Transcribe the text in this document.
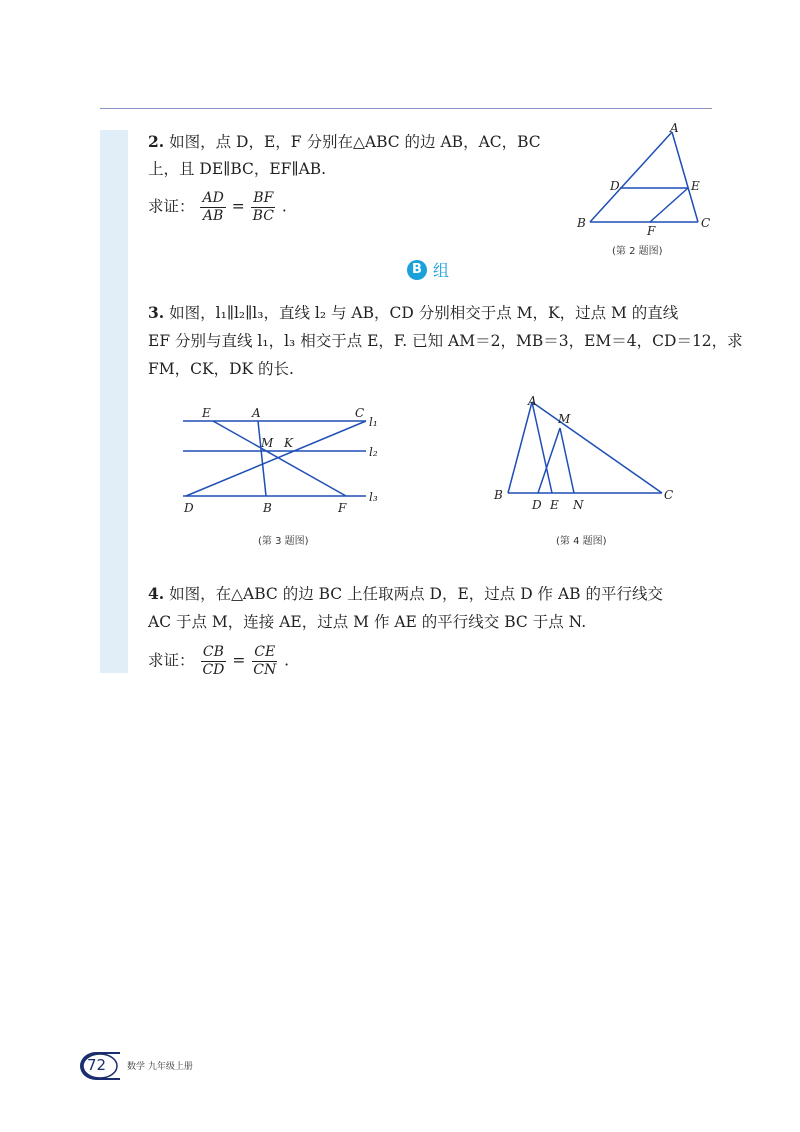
2. 如图，点 D，E，F 分别在△ABC 的边 AB，AC，BC
上，且 DE∥BC，EF∥AB.
求证： $\frac{AD}{AB} = \frac{BF}{BC}$ .
A
D	E
B	C
F
(第 2 题图)
B 组
3. 如图，l₁∥l₂∥l₃，直线 l₂ 与 AB，CD 分别相交于点 M，K，过点 M 的直线
EF 分别与直线 l₁，l₃ 相交于点 E，F. 已知 AM＝2，MB＝3，EM＝4，CD＝12，求
FM，CK，DK 的长.
E	A	C
l₁
M K
l₂
l₃
D	B	F
(第 3 题图)
A
M
B
D E N
C
(第 4 题图)
4. 如图，在△ABC 的边 BC 上任取两点 D，E，过点 D 作 AB 的平行线交
AC 于点 M，连接 AE，过点 M 作 AE 的平行线交 BC 于点 N.
求证： $\frac{CB}{CD} = \frac{CE}{CN}$ .
72 数学 九年级上册
